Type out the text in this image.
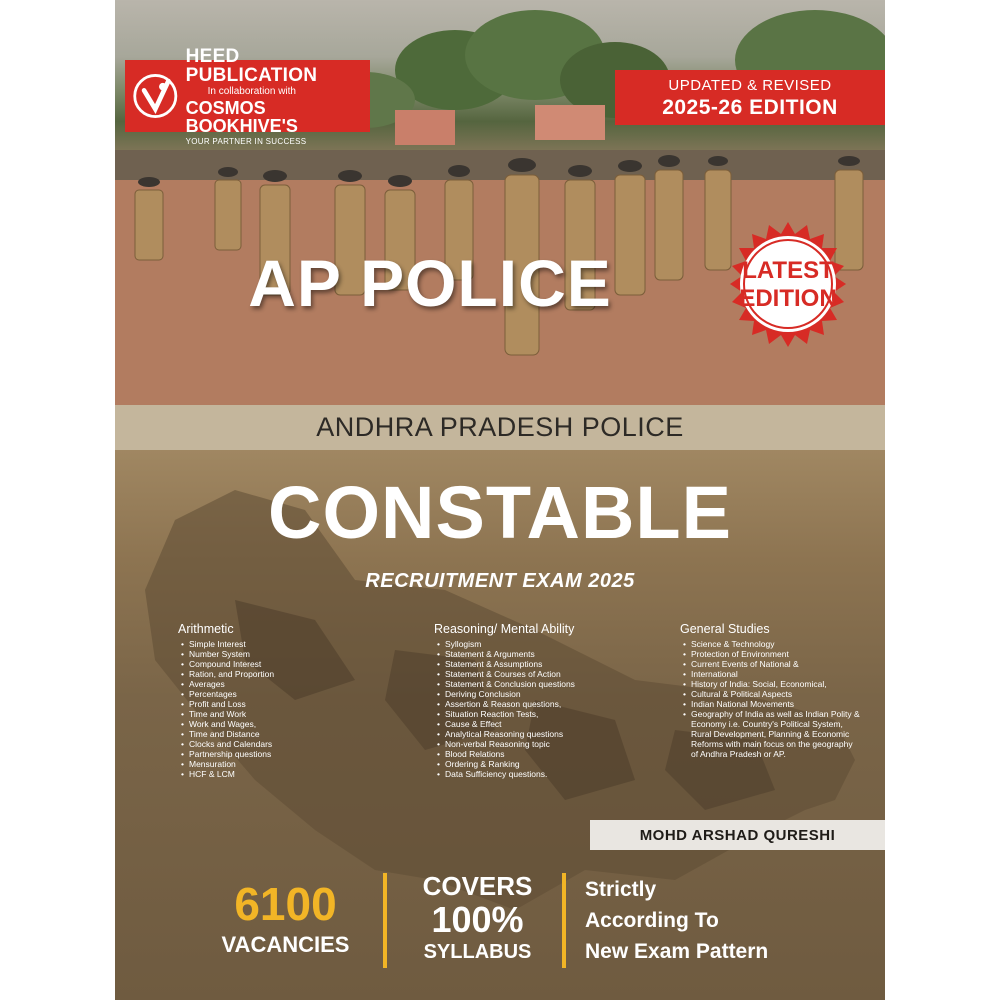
HEED PUBLICATION
In collaboration with
COSMOS BOOKHIVE'S
YOUR PARTNER IN SUCCESS
UPDATED & REVISED
2025-26 EDITION
AP POLICE	LATEST
EDITION
ANDHRA PRADESH POLICE
CONSTABLE
RECRUITMENT EXAM 2025
Arithmetic
• Simple Interest
• Number System
• Compound Interest
• Ration, and Proportion
• Averages
• Percentages
• Profit and Loss
• Time and Work
• Work and Wages,
• Time and Distance
• Clocks and Calendars
• Partnership questions
• Mensuration
• HCF & LCM
Reasoning/ Mental Ability
• Syllogism
• Statement & Arguments
• Statement & Assumptions
• Statement & Courses of Action
• Statement & Conclusion questions
• Deriving Conclusion
• Assertion & Reason questions,
• Situation Reaction Tests,
• Cause & Effect
• Analytical Reasoning questions
• Non-verbal Reasoning topic
• Blood Relations
• Ordering & Ranking
• Data Sufficiency questions.
General Studies
• Science & Technology
• Protection of Environment
• Current Events of National &
• International
• History of India: Social, Economical,
• Cultural & Political Aspects
• Indian National Movements
• Geography of India as well as Indian Polity & Economy i.e. Country's Political System, Rural Development, Planning & Economic Reforms with main focus on the geography of Andhra Pradesh or AP.
MOHD ARSHAD QURESHI
6100
VACANCIES
COVERS
100%
SYLLABUS
Strictly
According To
New Exam Pattern
